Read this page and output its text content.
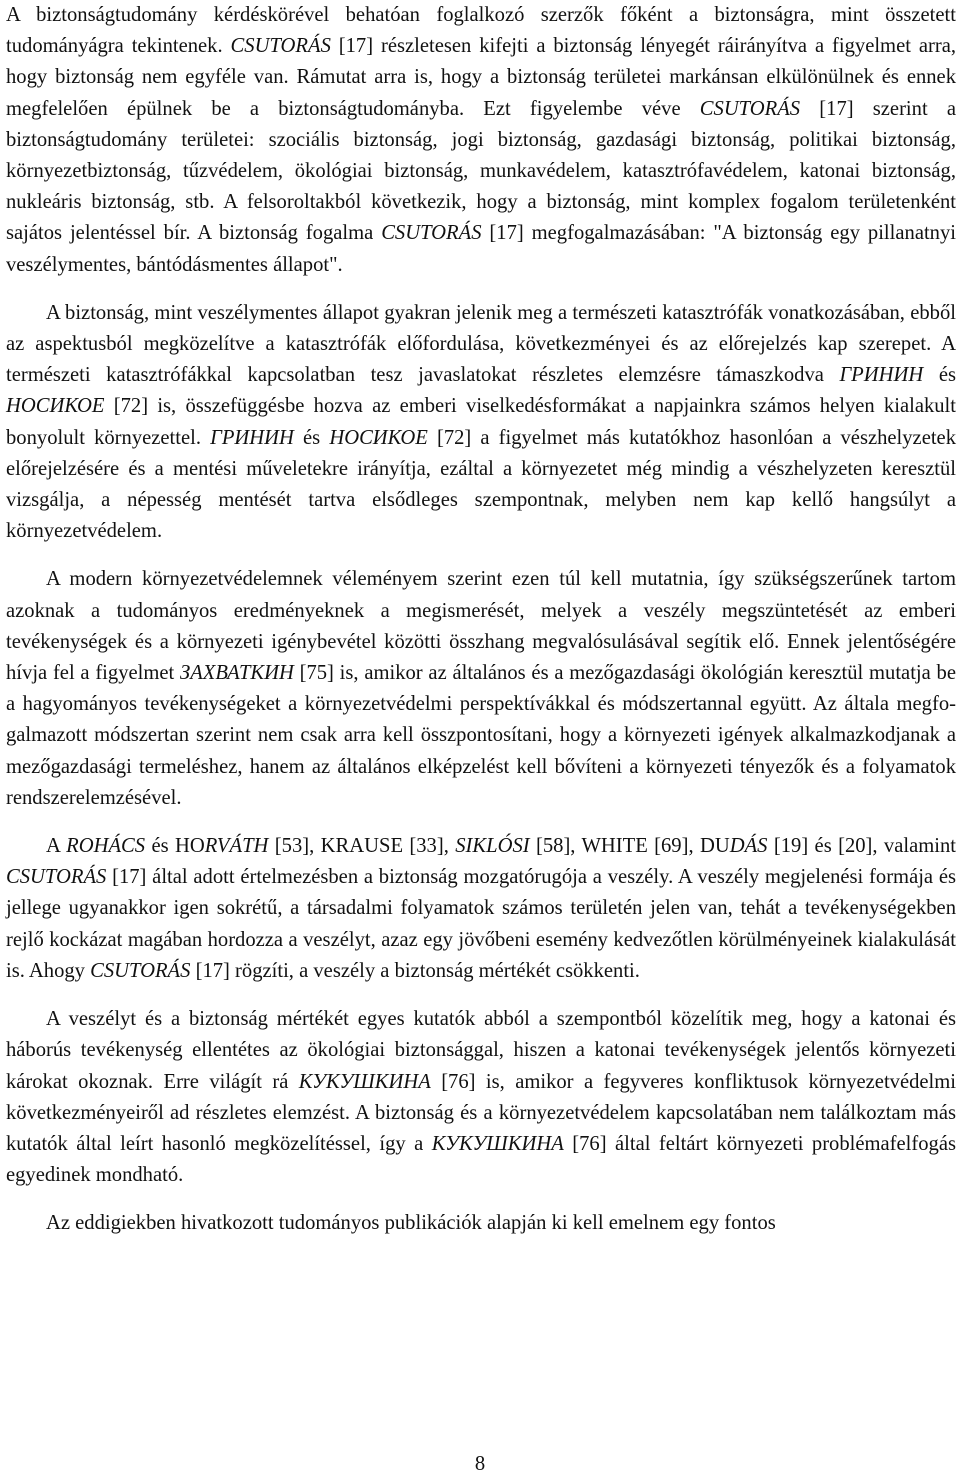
A biztonságtudomány kérdéskörével behatóan foglalkozó szerzők főként a biztonságra, mint összetett tudományágra tekintenek. CSUTORÁS [17] részletesen kifejti a biztonság lényegét ráirányítva a figyelmet arra, hogy biztonság nem egyféle van. Rámutat arra is, hogy a biztonság területei markánsan elkülönülnek és ennek megfelelően épülnek be a biztonságtudományba. Ezt figyelembe véve CSUTORÁS [17] szerint a biztonságtudomány területei: szociális biztonság, jogi biztonság, gazdasági biztonság, politikai biztonság, környezetbiztonság, tűzvédelem, ökológiai biztonság, munkavédelem, katasztrófavédelem, katonai biztonság, nukleáris biztonság, stb. A felsoroltakból következik, hogy a biztonság, mint komplex fogalom területenként sajátos jelentéssel bír. A biztonság fogalma CSUTORÁS [17] megfogalmazásában: "A biztonság egy pillanatnyi veszélymentes, bántódásmentes állapot".

A biztonság, mint veszélymentes állapot gyakran jelenik meg a természeti katasztrófák vonatkozásában, ebből az aspektusból megközelítve a katasztrófák előfordulása, következményei és az előrejelzés kap szerepet. A természeti katasztrófákkal kapcsolatban tesz javaslatokat részletes elemzésre támaszkodva ГРИНИН és НОСИКОЕ [72] is, összefüggésbe hozva az emberi viselkedésformákat a napjainkra számos helyen kialakult bonyolult környezettel. ГРИНИН és НОСИКОЕ [72] a figyelmet más kutatókhoz hasonlóan a vészhelyzetek előrejelzésére és a mentési műveletekre irányítja, ezáltal a környezetet még mindig a vészhelyzeten keresztül vizsgálja, a népesség mentését tartva elsődleges szempontnak, melyben nem kap kellő hangsúlyt a környezetvédelem.

A modern környezetvédelemnek véleményem szerint ezen túl kell mutatnia, így szükségszerűnek tartom azoknak a tudományos eredményeknek a megismerését, melyek a veszély megszüntetését az emberi tevékenységek és a környezeti igénybevétel közötti összhang megvalósulásával segítik elő. Ennek jelentőségére hívja fel a figyelmet ЗАХВАТКИН [75] is, amikor az általános és a mezőgazdasági ökológián keresztül mutatja be a hagyományos tevékenységeket a környezetvédelmi perspektívákkal és módszertannal együtt. Az általa megfogalmazott módszertan szerint nem csak arra kell összpontosítani, hogy a környezeti igények alkalmazkodjanak a mezőgazdasági termeléshez, hanem az általános elképzelést kell bővíteni a környezeti tényezők és a folyamatok rendszerelemzésével.

A ROHÁCS és HORVÁTH [53], KRAUSE [33], SIKLÓSI [58], WHITE [69], DUDÁS [19] és [20], valamint CSUTORÁS [17] által adott értelmezésben a biztonság mozgatórugója a veszély. A veszély megjelenési formája és jellege ugyanakkor igen sokrétű, a társadalmi folyamatok számos területén jelen van, tehát a tevékenységekben rejlő kockázat magában hordozza a veszélyt, azaz egy jövőbeni esemény kedvezőtlen körülményeinek kialakulását is. Ahogy CSUTORÁS [17] rögzíti, a veszély a biztonság mértékét csökkenti.

A veszélyt és a biztonság mértékét egyes kutatók abból a szempontból közelítik meg, hogy a katonai és háborús tevékenység ellentétes az ökológiai biztonsággal, hiszen a katonai tevékenységek jelentős környezeti károkat okoznak. Erre világít rá КУКУШКИНА [76] is, amikor a fegyveres konfliktusok környezetvédelmi következményeiről ad részletes elemzést. A biztonság és a környezetvédelem kapcsolatában nem találkoztam más kutatók által leírt hasonló megközelítéssel, így a КУКУШКИНА [76] által feltárt környezeti problémafelfogás egyedinek mondható.

Az eddigiekben hivatkozott tudományos publikációk alapján ki kell emelnem egy fontos

8
